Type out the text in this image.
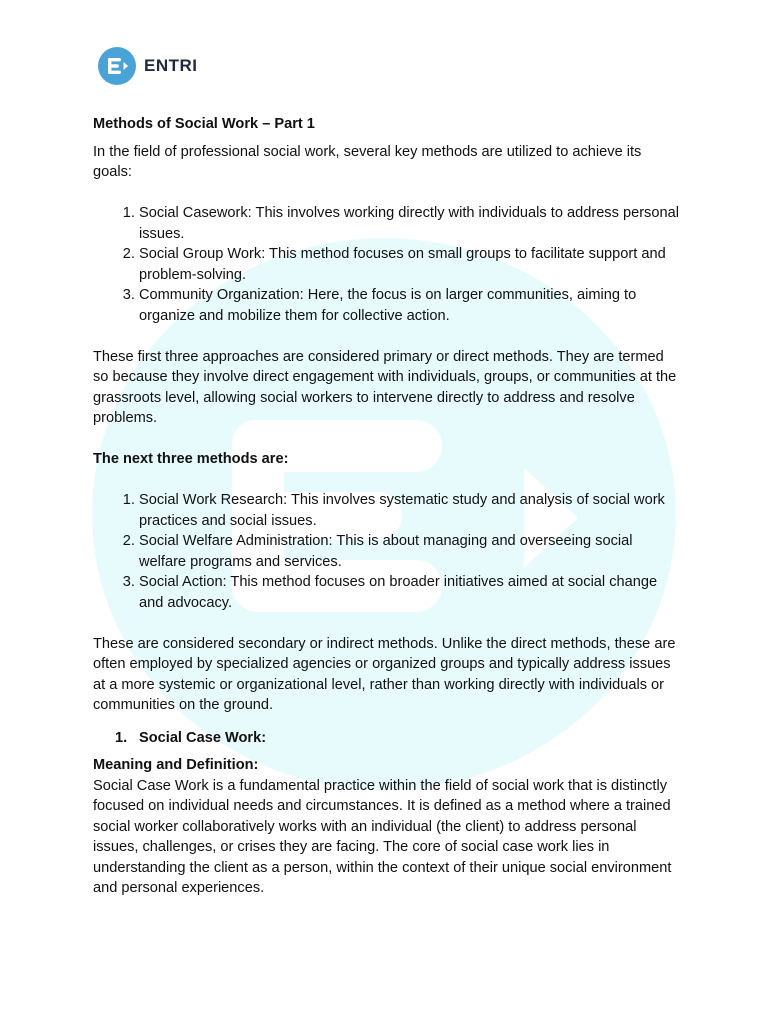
ENTRI

Methods of Social Work – Part 1

In the field of professional social work, several key methods are utilized to achieve its goals:

1. Social Casework: This involves working directly with individuals to address personal issues.
2. Social Group Work: This method focuses on small groups to facilitate support and problem-solving.
3. Community Organization: Here, the focus is on larger communities, aiming to organize and mobilize them for collective action.

These first three approaches are considered primary or direct methods. They are termed so because they involve direct engagement with individuals, groups, or communities at the grassroots level, allowing social workers to intervene directly to address and resolve problems.

The next three methods are:

1. Social Work Research: This involves systematic study and analysis of social work practices and social issues.
2. Social Welfare Administration: This is about managing and overseeing social welfare programs and services.
3. Social Action: This method focuses on broader initiatives aimed at social change and advocacy.

These are considered secondary or indirect methods. Unlike the direct methods, these are often employed by specialized agencies or organized groups and typically address issues at a more systemic or organizational level, rather than working directly with individuals or communities on the ground.

1. Social Case Work:

Meaning and Definition:

Social Case Work is a fundamental practice within the field of social work that is distinctly focused on individual needs and circumstances. It is defined as a method where a trained social worker collaboratively works with an individual (the client) to address personal issues, challenges, or crises they are facing. The core of social case work lies in understanding the client as a person, within the context of their unique social environment and personal experiences.
